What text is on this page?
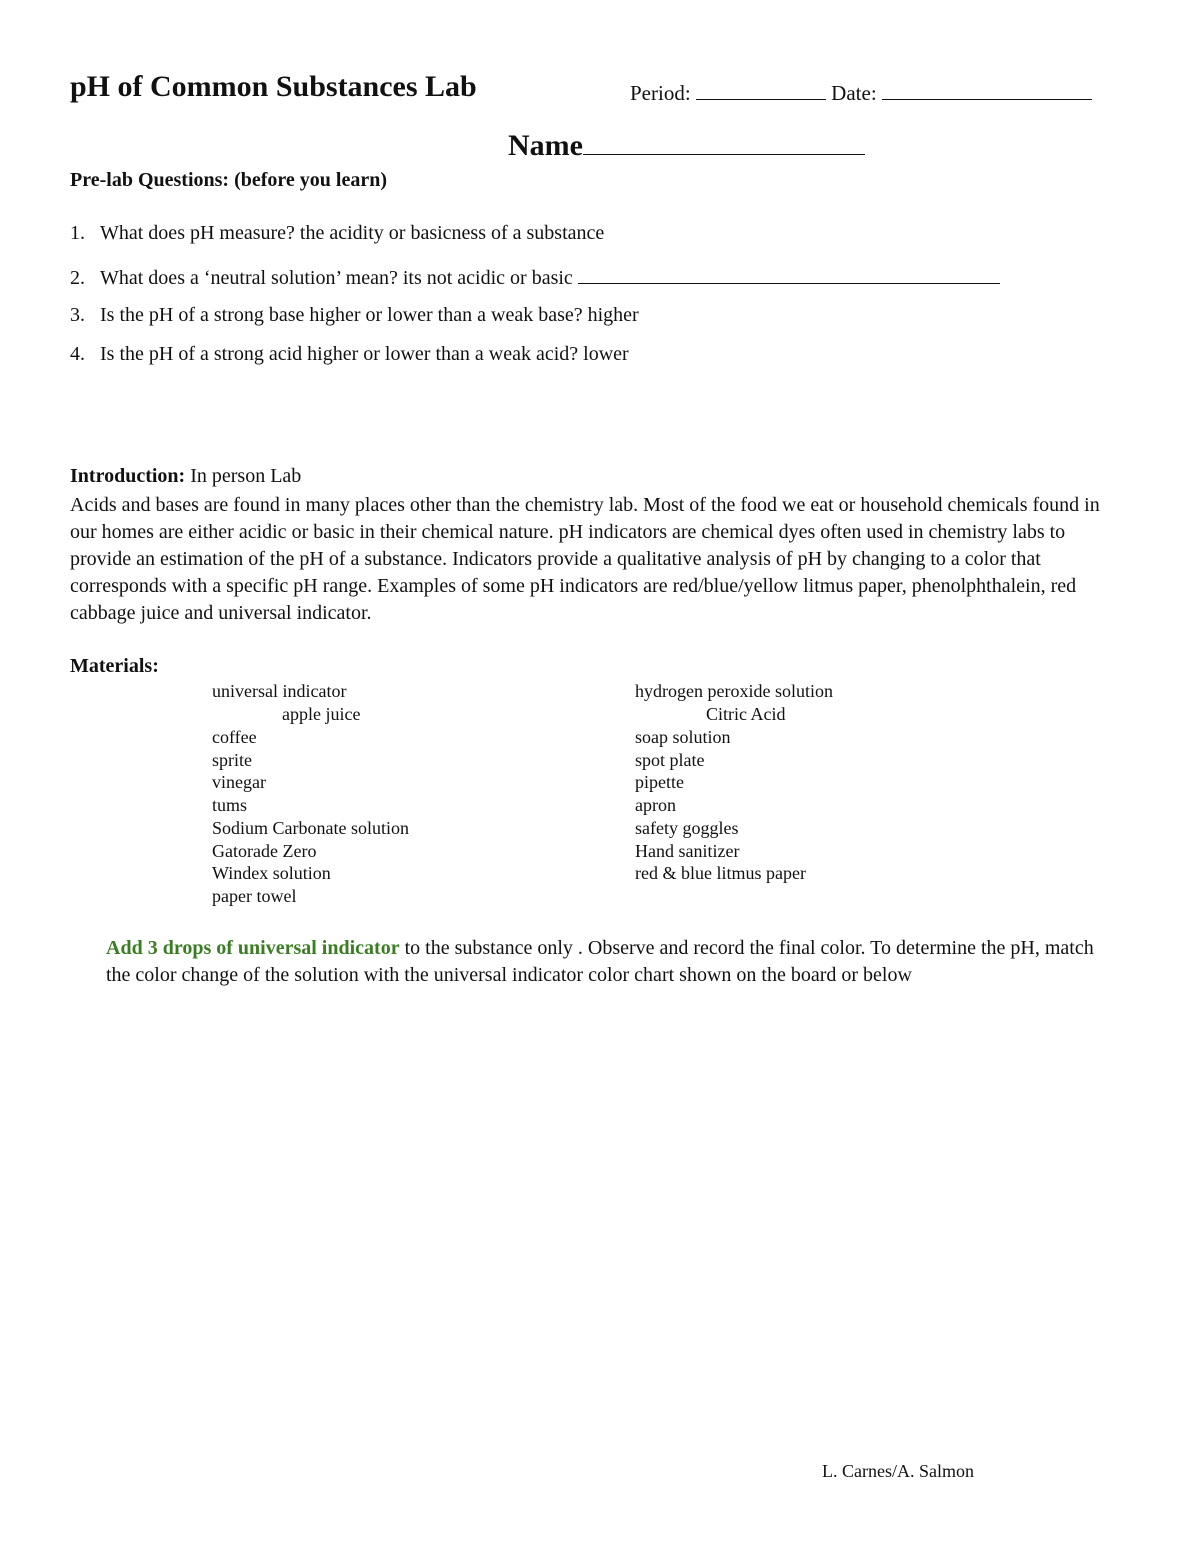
pH of Common Substances Lab	Period:	Date:
Name
Pre-lab Questions: (before you learn)
1. What does pH measure? the acidity or basicness of a substance
2. What does a ‘neutral solution’ mean? its not acidic or basic
3. Is the pH of a strong base higher or lower than a weak base? higher
4. Is the pH of a strong acid higher or lower than a weak acid? lower
Introduction: In person Lab
Acids and bases are found in many places other than the chemistry lab. Most of the food we eat or household chemicals found in our homes are either acidic or basic in their chemical nature. pH indicators are chemical dyes often used in chemistry labs to provide an estimation of the pH of a substance. Indicators provide a qualitative analysis of pH by changing to a color that corresponds with a specific pH range. Examples of some pH indicators are red/blue/yellow litmus paper, phenolphthalein, red cabbage juice and universal indicator.
Materials:
universal indicator
apple juice
coffee
sprite
vinegar
tums
Sodium Carbonate solution
Gatorade Zero
Windex solution
paper towel
hydrogen peroxide solution
Citric Acid
soap solution
spot plate
pipette
apron
safety goggles
Hand sanitizer
red & blue litmus paper
Add 3 drops of universal indicator to the substance only . Observe and record the final color. To determine the pH, match the color change of the solution with the universal indicator color chart shown on the board or below
L. Carnes/A. Salmon
